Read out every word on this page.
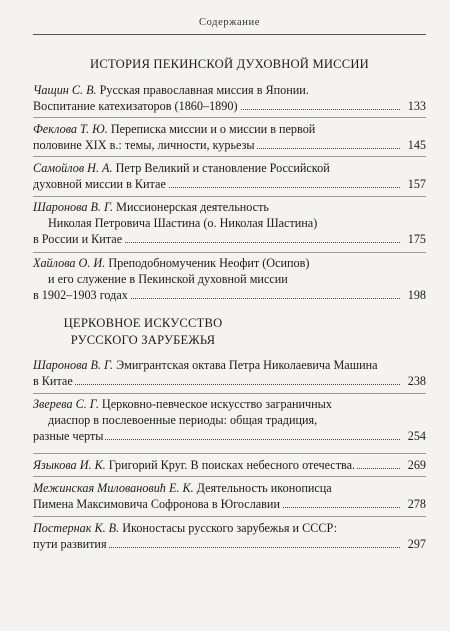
Содержание
ИСТОРИЯ ПЕКИНСКОЙ ДУХОВНОЙ МИССИИ
Чащин С. В. Русская православная миссия в Японии.
Воспитание катехизаторов (1860–1890)	133
Феклова Т. Ю. Переписка миссии и о миссии в первой
половине XIX в.: темы, личности, курьезы	145
Самойлов Н. А. Петр Великий и становление Российской
духовной миссии в Китае	157
Шаронова В. Г. Миссионерская деятельность
Николая Петровича Шастина (о. Николая Шастина)
в России и Китае	175
Хайлова О. И. Преподобномученик Неофит (Осипов)
и его служение в Пекинской духовной миссии
в 1902–1903 годах	198
ЦЕРКОВНОЕ ИСКУССТВО
РУССКОГО ЗАРУБЕЖЬЯ
Шаронова В. Г. Эмигрантская октава Петра Николаевича Машина
в Китае	238
Зверева С. Г. Церковно-певческое искусство заграничных
диаспор в послевоенные периоды: общая традиция,
разные черты	254
Языкова И. К. Григорий Круг. В поисках небесного отечества.	269
Межинская Миловановиħ Е. К. Деятельность иконописца
Пимена Максимовича Софронова в Югославии	278
Постернак К. В. Иконостасы русского зарубежья и СССР:
пути развития	297
